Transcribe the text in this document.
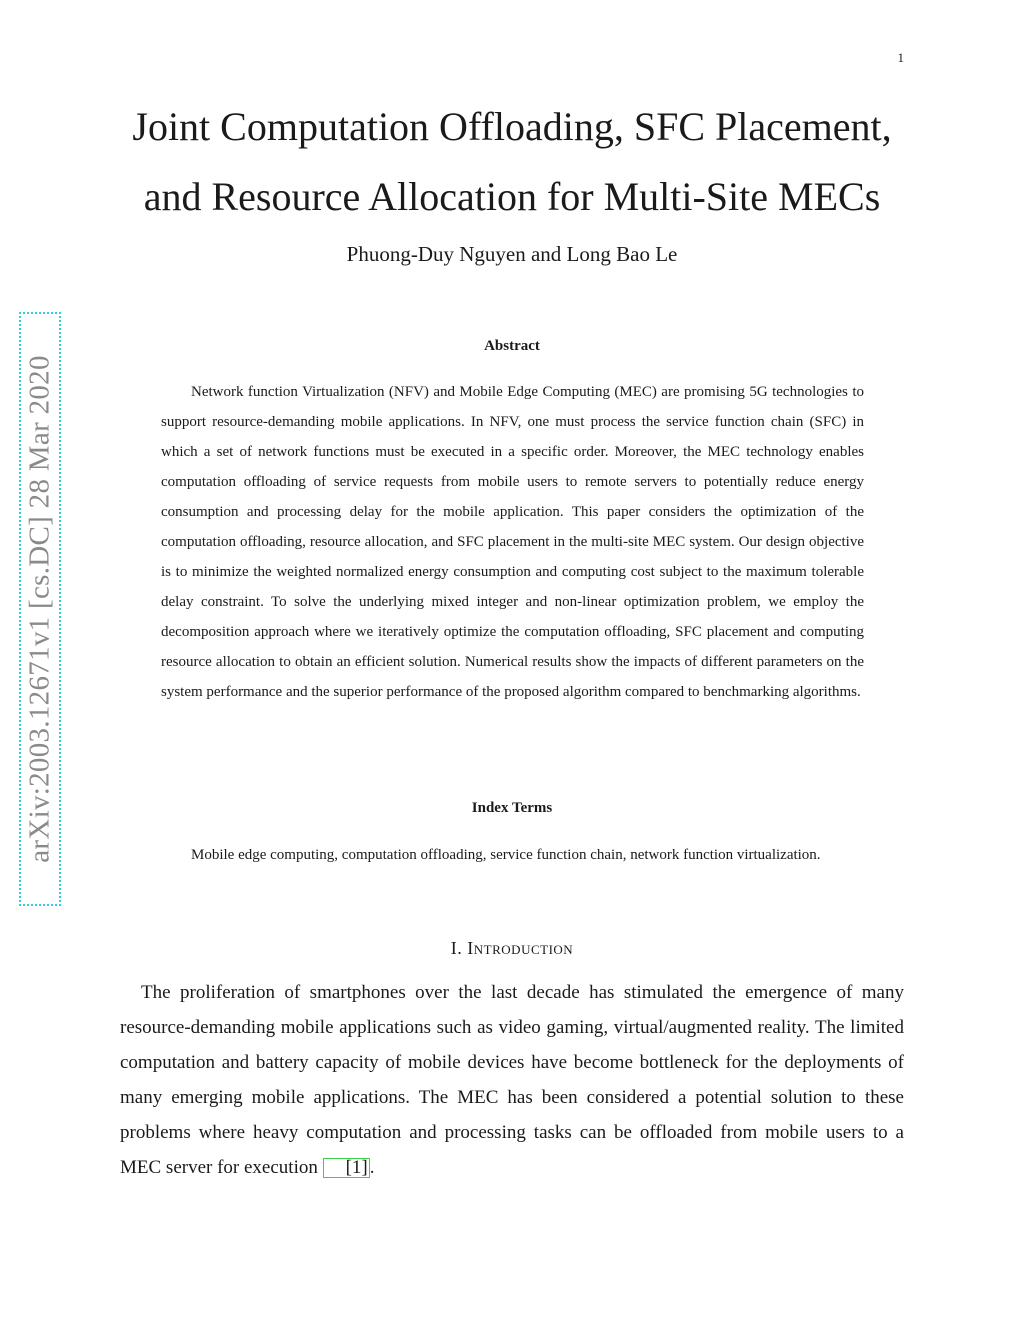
1
Joint Computation Offloading, SFC Placement,
and Resource Allocation for Multi-Site MECs
Phuong-Duy Nguyen and Long Bao Le
arXiv:2003.12671v1 [cs.DC] 28 Mar 2020
Abstract

Network function Virtualization (NFV) and Mobile Edge Computing (MEC) are promising 5G technologies to support resource-demanding mobile applications. In NFV, one must process the service function chain (SFC) in which a set of network functions must be executed in a specific order. Moreover, the MEC technology enables computation offloading of service requests from mobile users to remote servers to potentially reduce energy consumption and processing delay for the mobile application. This paper considers the optimization of the computation offloading, resource allocation, and SFC placement in the multi-site MEC system. Our design objective is to minimize the weighted normalized energy consumption and computing cost subject to the maximum tolerable delay constraint. To solve the underlying mixed integer and non-linear optimization problem, we employ the decomposition approach where we iteratively optimize the computation offloading, SFC placement and computing resource allocation to obtain an efficient solution. Numerical results show the impacts of different parameters on the system performance and the superior performance of the proposed algorithm compared to benchmarking algorithms.

Index Terms

Mobile edge computing, computation offloading, service function chain, network function virtualization.

I. Introduction

The proliferation of smartphones over the last decade has stimulated the emergence of many resource-demanding mobile applications such as video gaming, virtual/augmented reality. The limited computation and battery capacity of mobile devices have become bottleneck for the deployments of many emerging mobile applications. The MEC has been considered a potential solution to these problems where heavy computation and processing tasks can be offloaded from mobile users to a MEC server for execution [1] .
